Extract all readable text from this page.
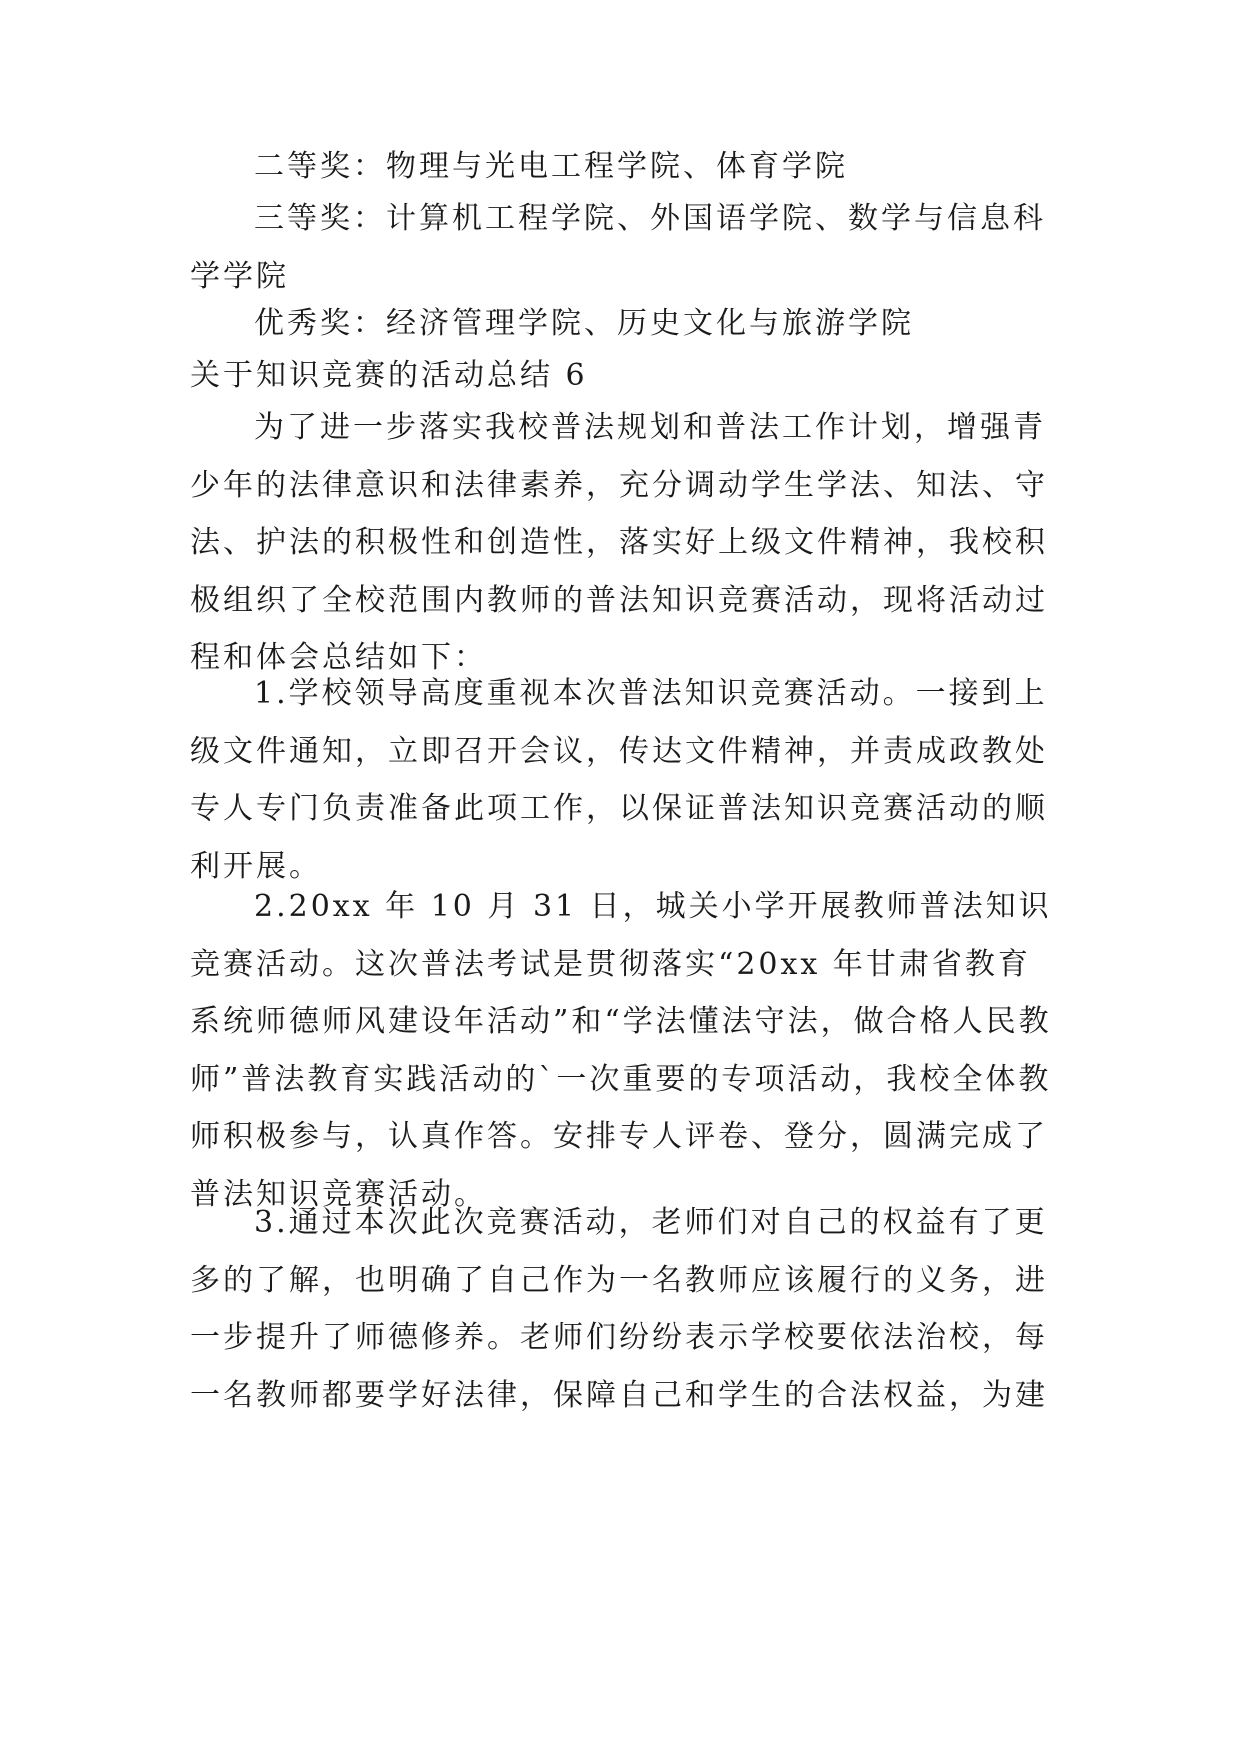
二等奖：物理与光电工程学院、体育学院

三等奖：计算机工程学院、外国语学院、数学与信息科学学院

优秀奖：经济管理学院、历史文化与旅游学院

关于知识竞赛的活动总结 6

为了进一步落实我校普法规划和普法工作计划，增强青少年的法律意识和法律素养，充分调动学生学法、知法、守法、护法的积极性和创造性，落实好上级文件精神，我校积极组织了全校范围内教师的普法知识竞赛活动，现将活动过程和体会总结如下：

1.学校领导高度重视本次普法知识竞赛活动。一接到上级文件通知，立即召开会议，传达文件精神，并责成政教处专人专门负责准备此项工作，以保证普法知识竞赛活动的顺利开展。

2.20xx 年 10 月 31 日，城关小学开展教师普法知识竞赛活动。这次普法考试是贯彻落实“20xx 年甘肃省教育系统师德师风建设年活动”和“学法懂法守法，做合格人民教师”普法教育实践活动的`一次重要的专项活动，我校全体教师积极参与，认真作答。安排专人评卷、登分，圆满完成了普法知识竞赛活动。

3.通过本次此次竞赛活动，老师们对自己的权益有了更多的了解，也明确了自己作为一名教师应该履行的义务，进一步提升了师德修养。老师们纷纷表示学校要依法治校，每一名教师都要学好法律，保障自己和学生的合法权益，为建
